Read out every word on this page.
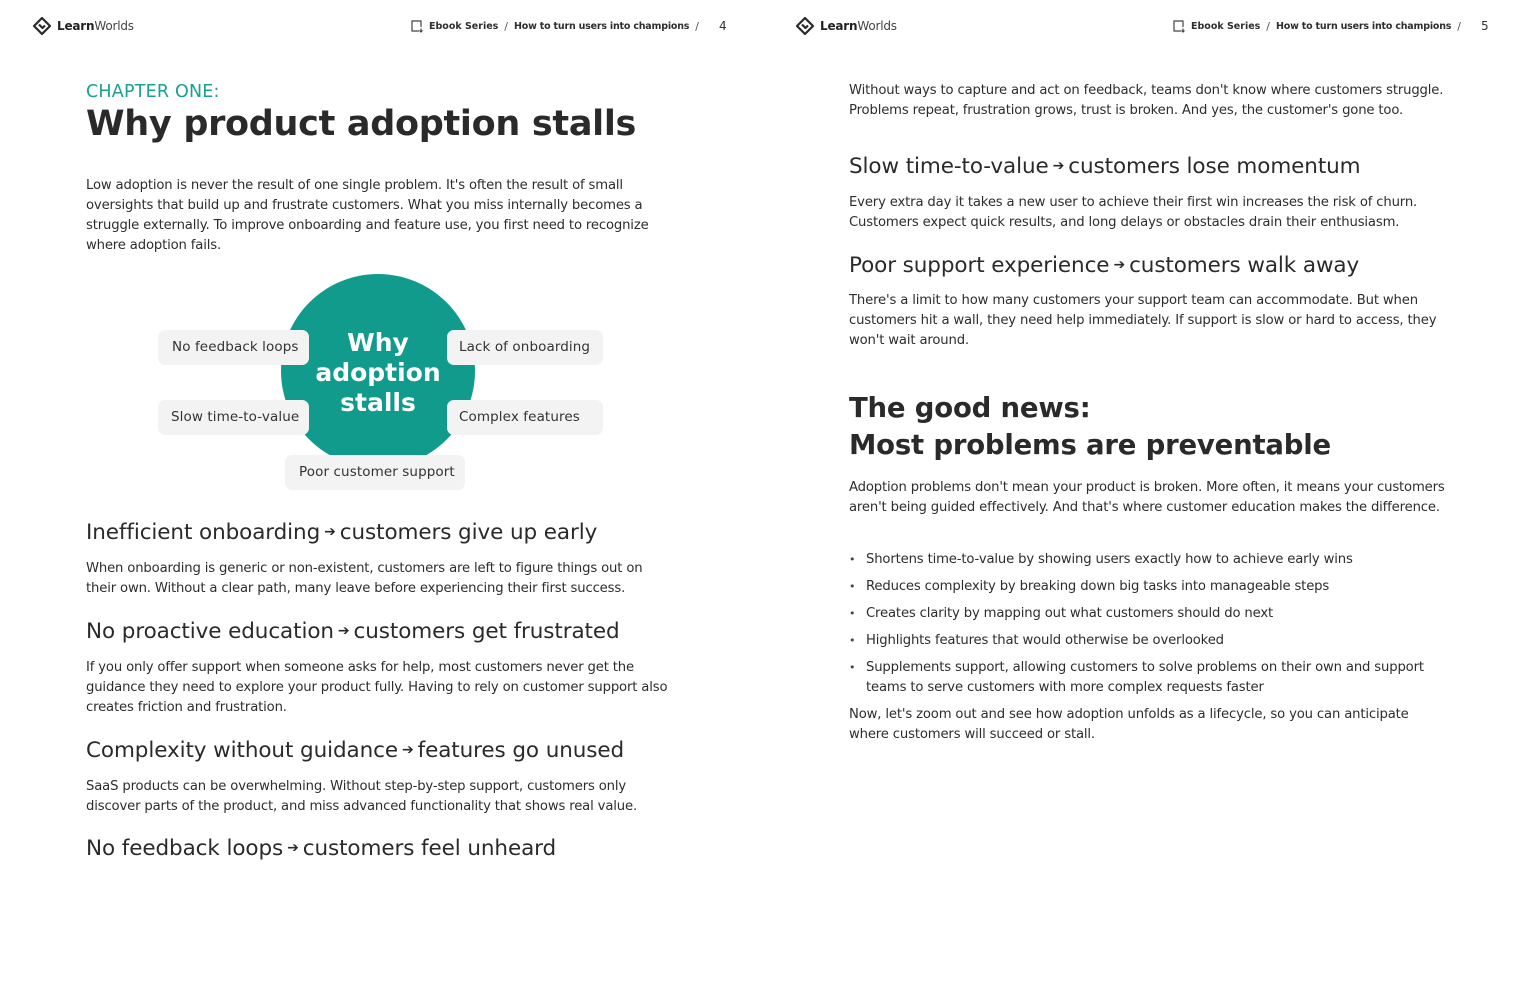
LearnWorlds	Ebook Series / How to turn users into champions / 4
CHAPTER ONE:
Why product adoption stalls

Low adoption is never the result of one single problem. It's often the result of small oversights that build up and frustrate customers. What you miss internally becomes a struggle externally. To improve onboarding and feature use, you first need to recognize where adoption fails.

Why
adoption
stalls
No feedback loops	Lack of onboarding
Slow time-to-value	Complex features
Poor customer support
Inefficient onboarding ➔ customers give up early

When onboarding is generic or non-existent, customers are left to figure things out on their own. Without a clear path, many leave before experiencing their first success.

No proactive education ➔ customers get frustrated

If you only offer support when someone asks for help, most customers never get the guidance they need to explore your product fully. Having to rely on customer support also creates friction and frustration.

Complexity without guidance ➔ features go unused

SaaS products can be overwhelming. Without step-by-step support, customers only discover parts of the product, and miss advanced functionality that shows real value.

No feedback loops ➔ customers feel unheard
LearnWorlds	Ebook Series / How to turn users into champions / 5

Without ways to capture and act on feedback, teams don't know where customers struggle. Problems repeat, frustration grows, trust is broken. And yes, the customer's gone too.

Slow time-to-value ➔ customers lose momentum

Every extra day it takes a new user to achieve their first win increases the risk of churn. Customers expect quick results, and long delays or obstacles drain their enthusiasm.

Poor support experience ➔ customers walk away

There's a limit to how many customers your support team can accommodate. But when customers hit a wall, they need help immediately. If support is slow or hard to access, they won't wait around.

The good news:
Most problems are preventable

Adoption problems don't mean your product is broken. More often, it means your customers aren't being guided effectively. And that's where customer education makes the difference.

• Shortens time-to-value by showing users exactly how to achieve early wins
• Reduces complexity by breaking down big tasks into manageable steps
• Creates clarity by mapping out what customers should do next
• Highlights features that would otherwise be overlooked
• Supplements support, allowing customers to solve problems on their own and support teams to serve customers with more complex requests faster

Now, let's zoom out and see how adoption unfolds as a lifecycle, so you can anticipate where customers will succeed or stall.
